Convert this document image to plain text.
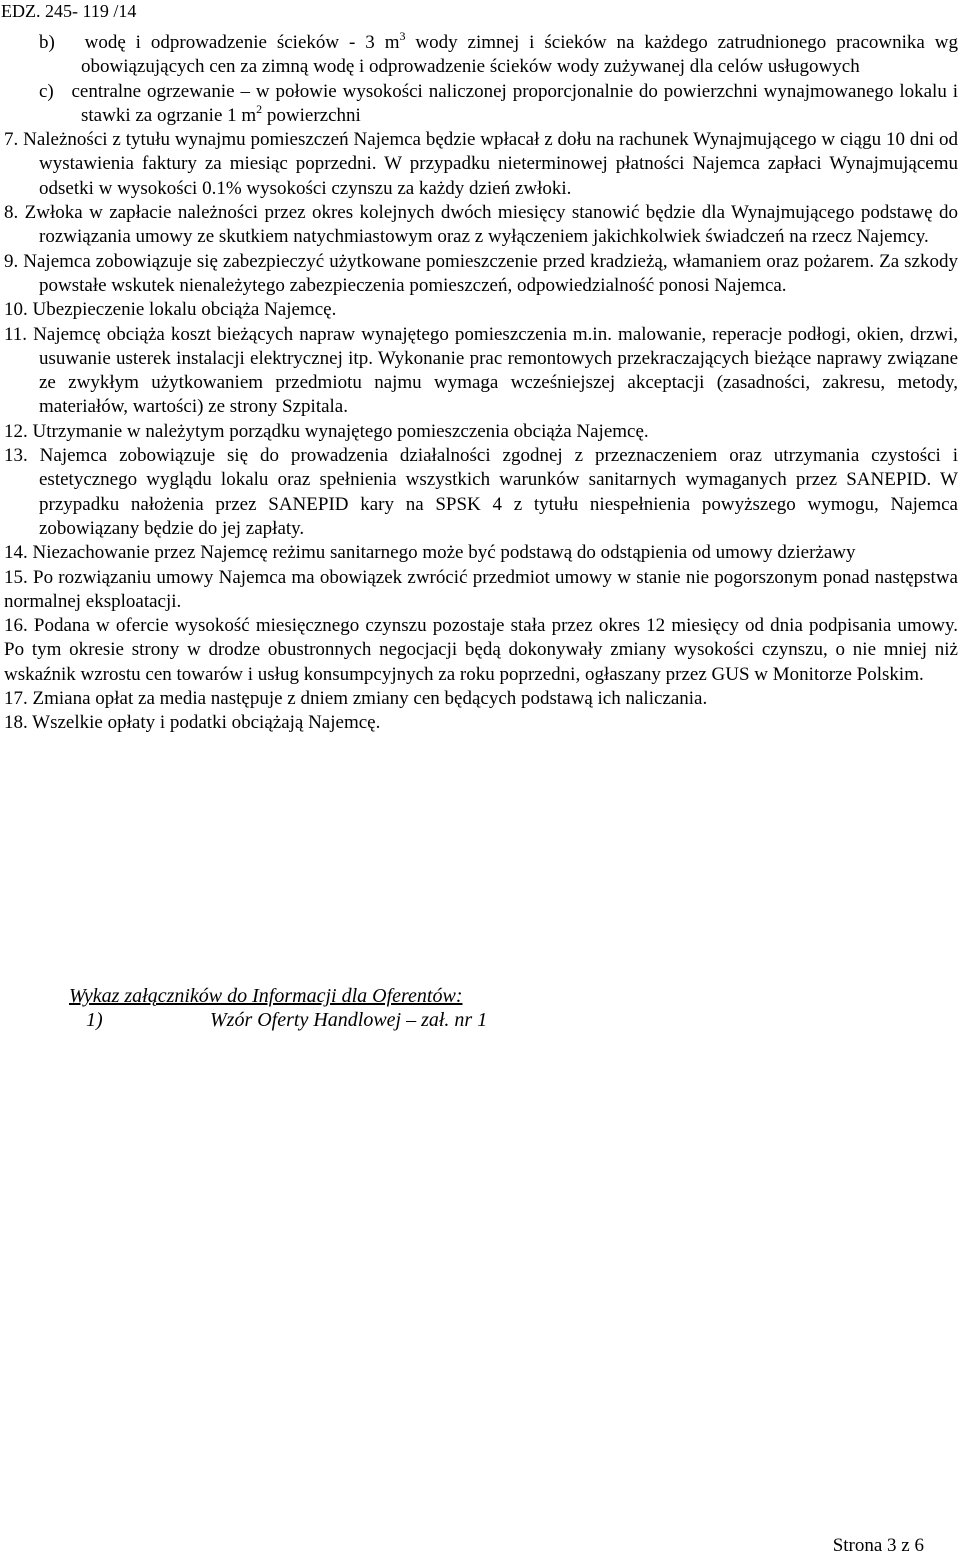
EDZ. 245- 119 /14

b) wodę i odprowadzenie ścieków - 3 $m^3$ wody zimnej i ścieków na każdego zatrudnionego pracownika wg obowiązujących cen za zimną wodę i odprowadzenie ścieków wody zużywanej dla celów usługowych

c) centralne ogrzewanie – w połowie wysokości naliczonej proporcjonalnie do powierzchni wynajmowanego lokalu i stawki za ogrzanie 1 $m^2$ powierzchni

7. Należności z tytułu wynajmu pomieszczeń Najemca będzie wpłacał z dołu na rachunek Wynajmującego w ciągu 10 dni od wystawienia faktury za miesiąc poprzedni. W przypadku nieterminowej płatności Najemca zapłaci Wynajmującemu odsetki w wysokości 0.1% wysokości czynszu za każdy dzień zwłoki.

8. Zwłoka w zapłacie należności przez okres kolejnych dwóch miesięcy stanowić będzie dla Wynajmującego podstawę do rozwiązania umowy ze skutkiem natychmiastowym oraz z wyłączeniem jakichkolwiek świadczeń na rzecz Najemcy.

9. Najemca zobowiązuje się zabezpieczyć użytkowane pomieszczenie przed kradzieżą, włamaniem oraz pożarem. Za szkody powstałe wskutek nienależytego zabezpieczenia pomieszczeń, odpowiedzialność ponosi Najemca.

10. Ubezpieczenie lokalu obciąża Najemcę.

11. Najemcę obciąża koszt bieżących napraw wynajętego pomieszczenia m.in. malowanie, reperacje podłogi, okien, drzwi, usuwanie usterek instalacji elektrycznej itp. Wykonanie prac remontowych przekraczających bieżące naprawy związane ze zwykłym użytkowaniem przedmiotu najmu wymaga wcześniejszej akceptacji (zasadności, zakresu, metody, materiałów, wartości) ze strony Szpitala.

12. Utrzymanie w należytym porządku wynajętego pomieszczenia obciąża Najemcę.

13. Najemca zobowiązuje się do prowadzenia działalności zgodnej z przeznaczeniem oraz utrzymania czystości i estetycznego wyglądu lokalu oraz spełnienia wszystkich warunków sanitarnych wymaganych przez SANEPID. W przypadku nałożenia przez SANEPID kary na SPSK 4 z tytułu niespełnienia powyższego wymogu, Najemca zobowiązany będzie do jej zapłaty.

14. Niezachowanie przez Najemcę reżimu sanitarnego może być podstawą do odstąpienia od umowy dzierżawy

15. Po rozwiązaniu umowy Najemca ma obowiązek zwrócić przedmiot umowy w stanie nie pogorszonym ponad następstwa normalnej eksploatacji.

16. Podana w ofercie wysokość miesięcznego czynszu pozostaje stała przez okres 12 miesięcy od dnia podpisania umowy. Po tym okresie strony w drodze obustronnych negocjacji będą dokonywały zmiany wysokości czynszu, o nie mniej niż wskaźnik wzrostu cen towarów i usług konsumpcyjnych za roku poprzedni, ogłaszany przez GUS w Monitorze Polskim.

17. Zmiana opłat za media następuje z dniem zmiany cen będących podstawą ich naliczania.

18. Wszelkie opłaty i podatki obciążają Najemcę.

Wykaz załączników do Informacji dla Oferentów:
1)	Wzór Oferty Handlowej – zał. nr 1
Strona 3 z 6
